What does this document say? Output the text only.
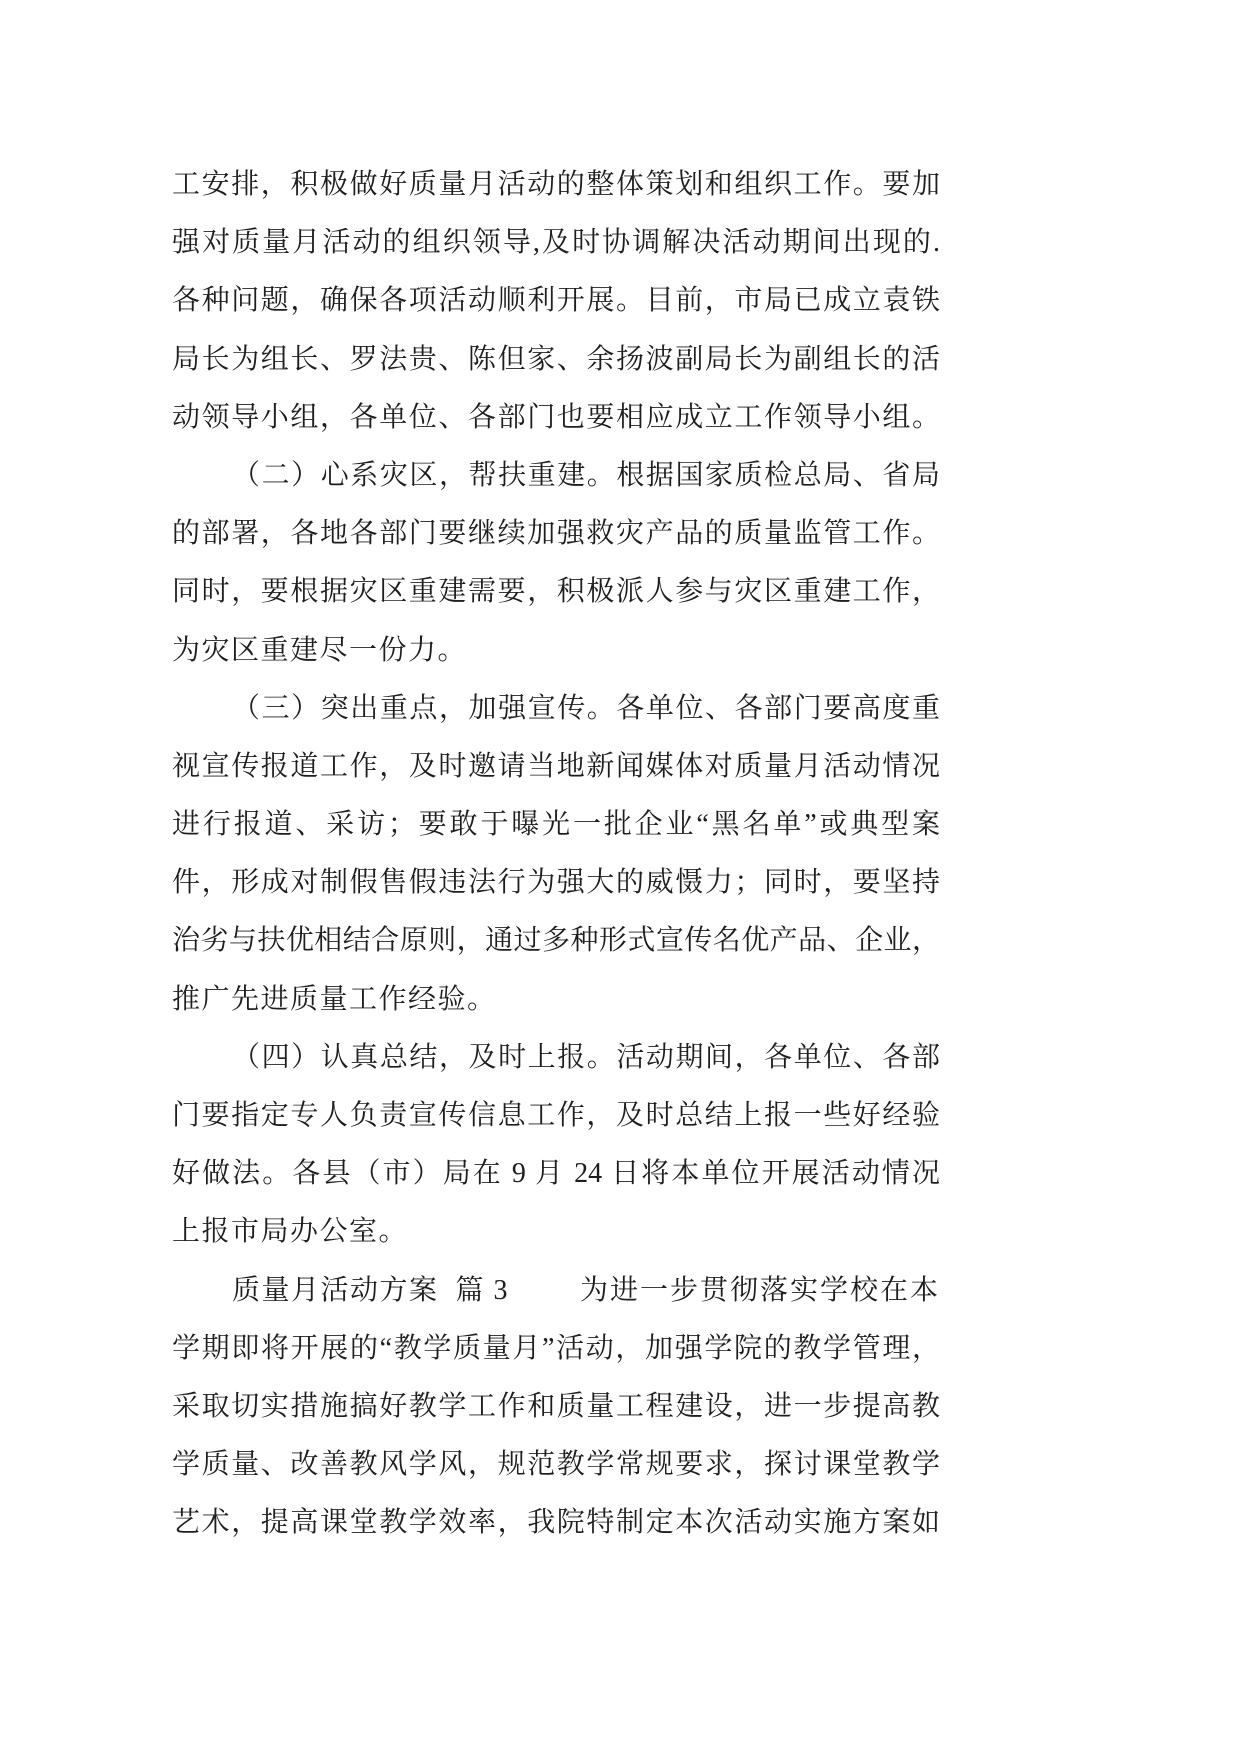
工安排，积极做好质量月活动的整体策划和组织工作。要加
强对质量月活动的组织领导,及时协调解决活动期间出现的.
各种问题，确保各项活动顺利开展。目前，市局已成立袁铁
局长为组长、罗法贵、陈但家、余扬波副局长为副组长的活
动领导小组，各单位、各部门也要相应成立工作领导小组。
（二）心系灾区，帮扶重建。根据国家质检总局、省局
的部署，各地各部门要继续加强救灾产品的质量监管工作。
同时，要根据灾区重建需要，积极派人参与灾区重建工作，
为灾区重建尽一份力。
（三）突出重点，加强宣传。各单位、各部门要高度重
视宣传报道工作，及时邀请当地新闻媒体对质量月活动情况
进行报道、采访；要敢于曝光一批企业“黑名单”或典型案
件，形成对制假售假违法行为强大的威慑力；同时，要坚持
治劣与扶优相结合原则，通过多种形式宣传名优产品、企业，
推广先进质量工作经验。
（四）认真总结，及时上报。活动期间，各单位、各部
门要指定专人负责宣传信息工作，及时总结上报一些好经验
好做法。各县（市）局在 9 月 24 日将本单位开展活动情况
上报市局办公室。
质量月活动方案  篇 3	为进一步贯彻落实学校在本
学期即将开展的“教学质量月”活动，加强学院的教学管理，
采取切实措施搞好教学工作和质量工程建设，进一步提高教
学质量、改善教风学风，规范教学常规要求，探讨课堂教学
艺术，提高课堂教学效率，我院特制定本次活动实施方案如
